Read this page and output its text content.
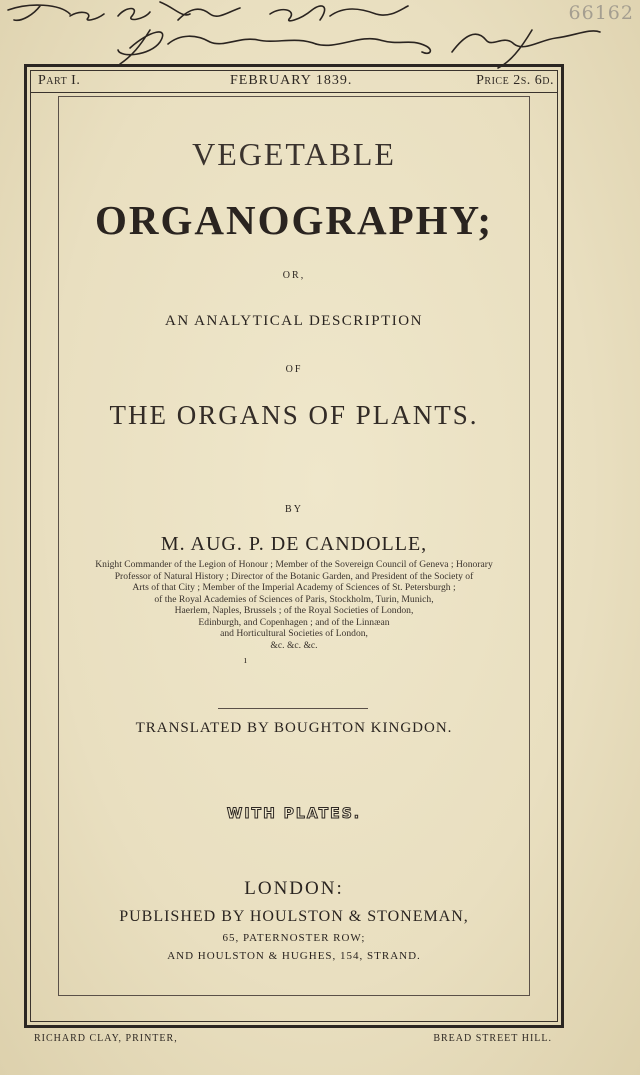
66162
Part I.	FEBRUARY 1839.	Price 2s. 6d.
VEGETABLE
ORGANOGRAPHY;
OR,
AN ANALYTICAL DESCRIPTION
OF
THE ORGANS OF PLANTS.
BY
M. AUG. P. DE CANDOLLE,
Knight Commander of the Legion of Honour ; Member of the Sovereign Council of Geneva ; Honorary
Professor of Natural History ; Director of the Botanic Garden, and President of the Society of
Arts of that City ; Member of the Imperial Academy of Sciences of St. Petersburgh ;
of the Royal Academies of Sciences of Paris, Stockholm, Turin, Munich,
Haerlem, Naples, Brussels ; of the Royal Societies of London,
Edinburgh, and Copenhagen ; and of the Linnæan
and Horticultural Societies of London,
&c. &c. &c.
ı
TRANSLATED BY BOUGHTON KINGDON.
WITH PLATES.
LONDON:
PUBLISHED BY HOULSTON & STONEMAN,
65, PATERNOSTER ROW;
AND HOULSTON & HUGHES, 154, STRAND.
RICHARD CLAY, PRINTER,	BREAD STREET HILL.
